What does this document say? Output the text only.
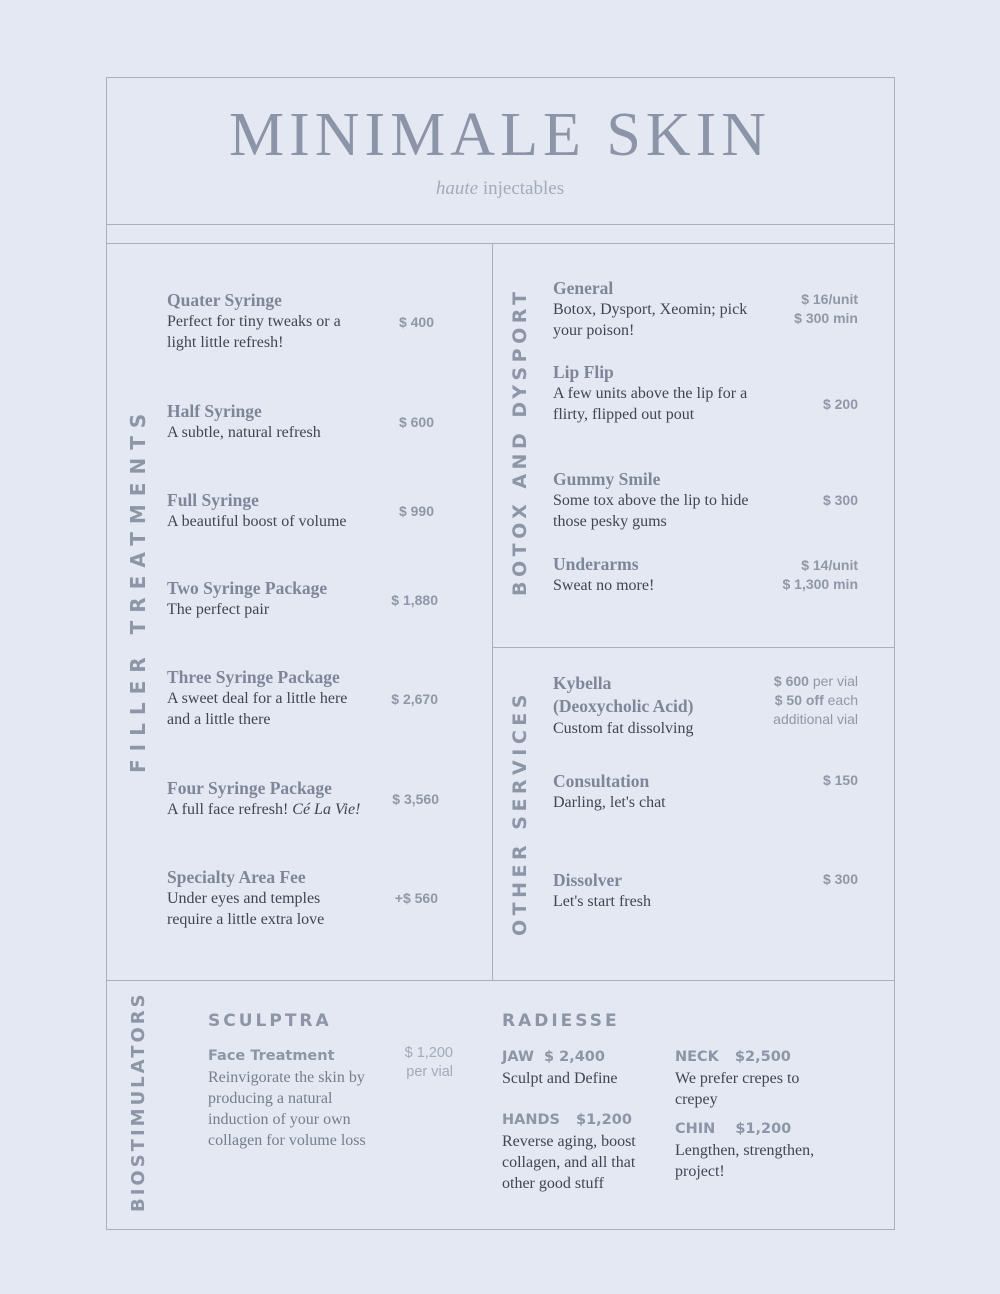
MINIMALE SKIN
haute injectables
FILLER TREATMENTS	BOTOX AND DYSPORT
OTHER SERVICES
BIOSTIMULATORS
Quater Syringe
Perfect for tiny tweaks or a light little refresh!
$ 400
Half Syringe
A subtle, natural refresh
$ 600
Full Syringe
A beautiful boost of volume
$ 990
Two Syringe Package
The perfect pair
$ 1,880
Three Syringe Package
A sweet deal for a little here and a little there
$ 2,670
Four Syringe Package
A full face refresh! Cé La Vie!
$ 3,560
Specialty Area Fee
Under eyes and temples require a little extra love
+$ 560
General
Botox, Dysport, Xeomin; pick your poison!
$ 16/unit
$ 300 min
Lip Flip
A few units above the lip for a flirty, flipped out pout
$ 200
Gummy Smile
Some tox above the lip to hide those pesky gums
$ 300
Underarms
Sweat no more!
$ 14/unit
$ 1,300 min
Kybella
(Deoxycholic Acid)
Custom fat dissolving
$ 600 per vial
$ 50 off each
additional vial
Consultation
Darling, let's chat
$ 150
Dissolver
Let's start fresh
$ 300
SCULPTRA
Face Treatment
Reinvigorate the skin by producing a natural induction of your own collagen for volume loss
$ 1,200
per vial
RADIESSE
JAW $ 2,400
Sculpt and Define
HANDS $1,200
Reverse aging, boost collagen, and all that other good stuff
NECK $2,500
We prefer crepes to crepey
CHIN $1,200
Lengthen, strengthen, project!
